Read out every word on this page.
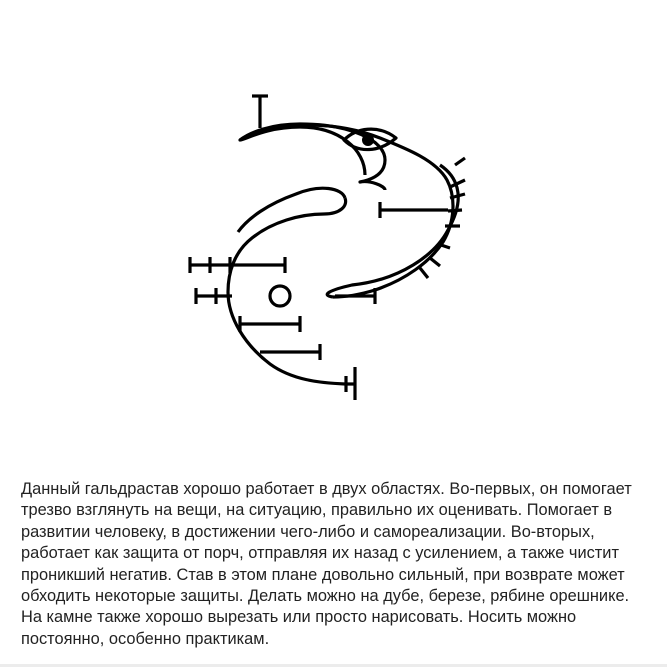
Данный гальдрастав хорошо работает в двух областях. Во-первых, он помогает трезво взглянуть на вещи, на ситуацию, правильно их оценивать. Помогает в развитии человеку, в достижении чего-либо и самореализации. Во-вторых, работает как защита от порч, отправляя их назад с усилением, а также чистит проникший негатив. Став в этом плане довольно сильный, при возврате может обходить некоторые защиты. Делать можно на дубе, березе, рябине орешнике. На камне также хорошо вырезать или просто нарисовать. Носить можно постоянно, особенно практикам.
